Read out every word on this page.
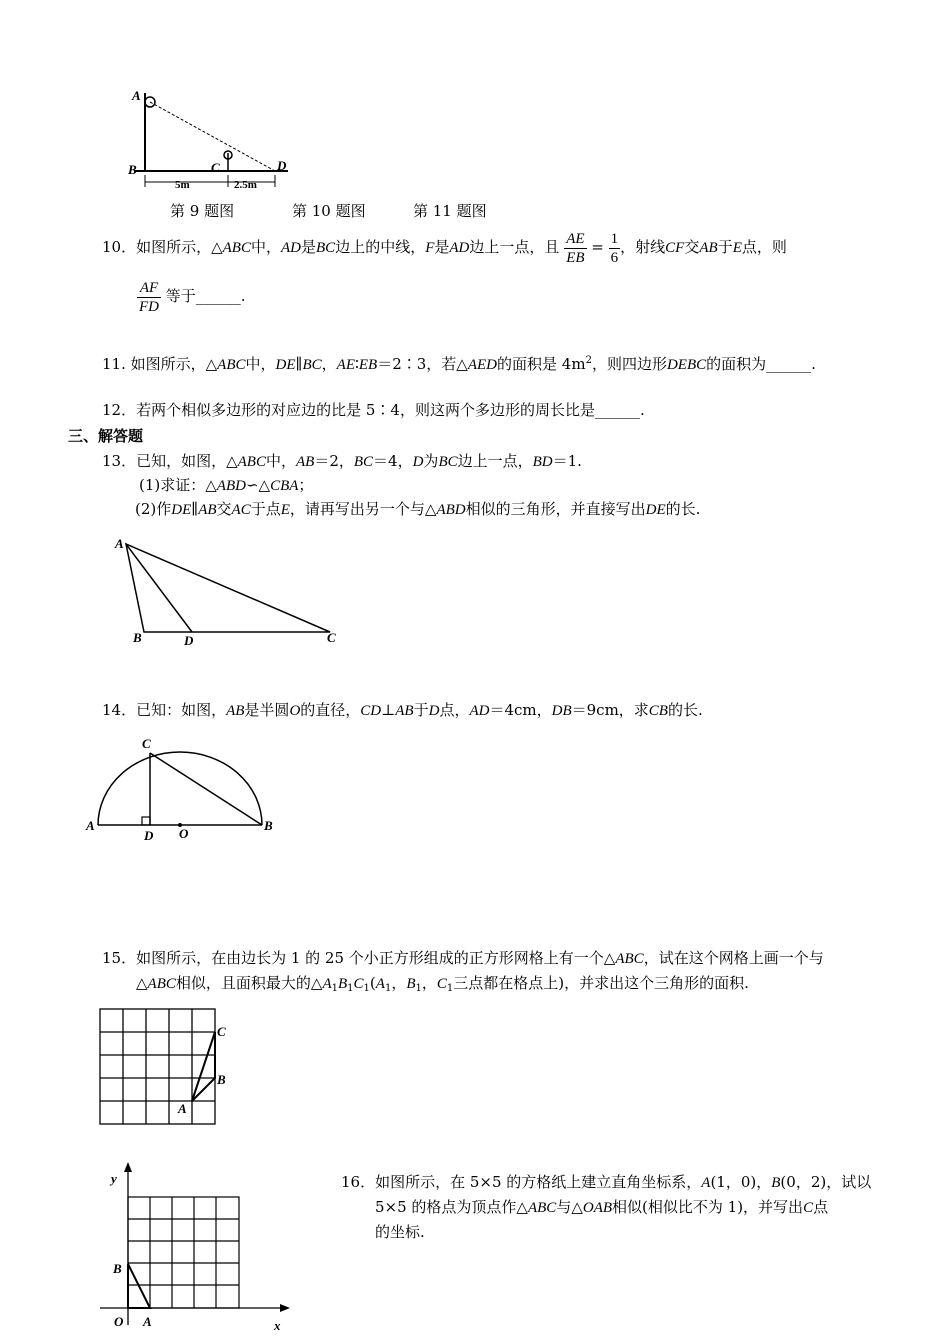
A
B	C	D
5m	2.5m
第 9 题图	第 10 题图	第 11 题图
10．如图所示，△ABC中，AD是BC边上的中线，F是AD边上一点，且 $\frac{AE}{EB} = \frac{1}{6}$ ，射线CF交AB于E点，则
$\frac{AF}{FD}$ 等于______.
11. 如图所示，△ABC中，DE∥BC，AE∶EB＝2∶3，若△AED的面积是 $4m^2$，则四边形DEBC的面积为______.
12．若两个相似多边形的对应边的比是 5∶4，则这两个多边形的周长比是______.
三、解答题
13．已知，如图，△ABC中，AB＝2，BC＝4，D为BC边上一点，BD＝1.
(1)求证：△ABD∽△CBA；
(2)作DE∥AB交AC于点E，请再写出另一个与△ABD相似的三角形，并直接写出DE的长.
A
B	D	C
14．已知：如图，AB是半圆O的直径，CD⊥AB于D点，AD＝4cm，DB＝9cm，求CB的长.
A	B
C
D O
15．如图所示，在由边长为 1 的 25 个小正方形组成的正方形网格上有一个△ABC，试在这个网格上画一个与
△ABC相似，且面积最大的$\triangle A_1B_1C_1(A_1$，$B_1$，$C_1$三点都在格点上)，并求出这个三角形的面积.
A
B
C
y
x
O A
B
16．如图所示，在 5×5 的方格纸上建立直角坐标系，A(1，0)，B(0，2)，试以
5×5 的格点为顶点作△ABC与△OAB相似(相似比不为 1)，并写出C点
的坐标.
